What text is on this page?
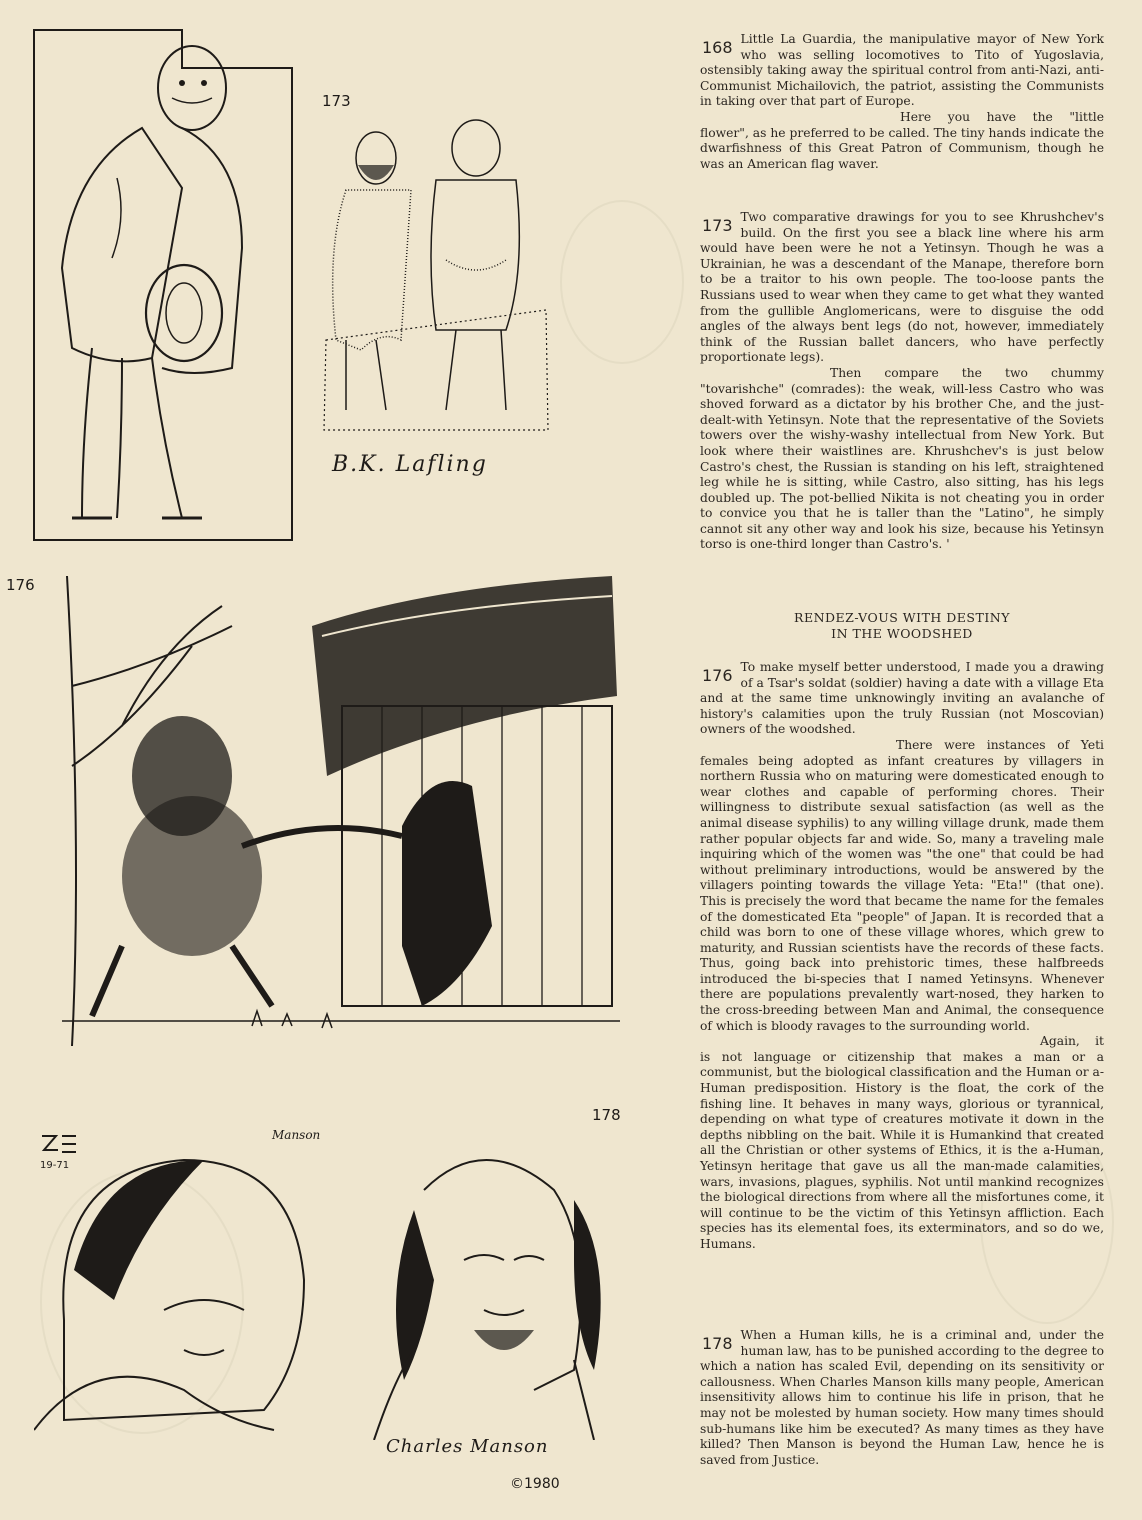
173
B.K. Lafling
176
178
19-71
Manson
Charles Manson
©1980

168 Little La Guardia, the manipulative mayor of New York who was selling locomotives to Tito of Yugoslavia, ostensibly taking away the spiritual control from anti-Nazi, anti-Communist Michailovich, the patriot, assisting the Communists in taking over that part of Europe.

Here you have the "little flower", as he preferred to be called. The tiny hands indicate the dwarfishness of this Great Patron of Communism, though he was an American flag waver.

173 Two comparative drawings for you to see Khrushchev's build. On the first you see a black line where his arm would have been were he not a Yetinsyn. Though he was a Ukrainian, he was a descendant of the Manape, therefore born to be a traitor to his own people. The too-loose pants the Russians used to wear when they came to get what they wanted from the gullible Anglomericans, were to disguise the odd angles of the always bent legs (do not, however, immediately think of the Russian ballet dancers, who have perfectly proportionate legs).

Then compare the two chummy "tovarishche" (comrades): the weak, will-less Castro who was shoved forward as a dictator by his brother Che, and the just-dealt-with Yetinsyn. Note that the representative of the Soviets towers over the wishy-washy intellectual from New York. But look where their waistlines are. Khrushchev's is just below Castro's chest, the Russian is standing on his left, straightened leg while he is sitting, while Castro, also sitting, has his legs doubled up. The pot-bellied Nikita is not cheating you in order to convice you that he is taller than the "Latino", he simply cannot sit any other way and look his size, because his Yetinsyn torso is one-third longer than Castro's. '

RENDEZ-VOUS WITH DESTINY
IN THE WOODSHED

176 To make myself better understood, I made you a drawing of a Tsar's soldat (soldier) having a date with a village Eta and at the same time unknowingly inviting an avalanche of history's calamities upon the truly Russian (not Moscovian) owners of the woodshed.

There were instances of Yeti females being adopted as infant creatures by villagers in northern Russia who on maturing were domesticated enough to wear clothes and capable of performing chores. Their willingness to distribute sexual satisfaction (as well as the animal disease syphilis) to any willing village drunk, made them rather popular objects far and wide. So, many a traveling male inquiring which of the women was "the one" that could be had without preliminary introductions, would be answered by the villagers pointing towards the village Yeta: "Eta!" (that one). This is precisely the word that became the name for the females of the domesticated Eta "people" of Japan. It is recorded that a child was born to one of these village whores, which grew to maturity, and Russian scientists have the records of these facts. Thus, going back into prehistoric times, these halfbreeds introduced the bi-species that I named Yetinsyns. Whenever there are populations prevalently wart-nosed, they harken to the cross-breeding between Man and Animal, the consequence of which is bloody ravages to the surrounding world.

Again, it is not language or citizenship that makes a man or a communist, but the biological classification and the Human or a-Human predisposition. History is the float, the cork of the fishing line. It behaves in many ways, glorious or tyrannical, depending on what type of creatures motivate it down in the depths nibbling on the bait. While it is Humankind that created all the Christian or other systems of Ethics, it is the a-Human, Yetinsyn heritage that gave us all the man-made calamities, wars, invasions, plagues, syphilis. Not until mankind recognizes the biological directions from where all the misfortunes come, it will continue to be the victim of this Yetinsyn affliction. Each species has its elemental foes, its exterminators, and so do we, Humans.

178 When a Human kills, he is a criminal and, under the human law, has to be punished according to the degree to which a nation has scaled Evil, depending on its sensitivity or callousness. When Charles Manson kills many people, American insensitivity allows him to continue his life in prison, that he may not be molested by human society. How many times should sub-humans like him be executed? As many times as they have killed? Then Manson is beyond the Human Law, hence he is saved from Justice.
